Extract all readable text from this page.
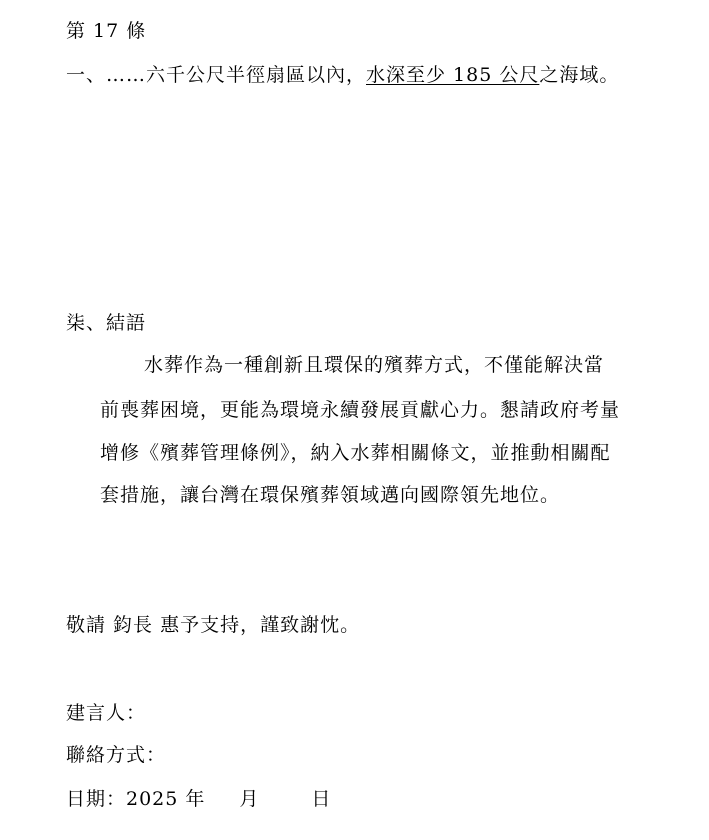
第 17 條
一、……六千公尺半徑扇區以內，水深至少 185 公尺之海域。
柒、結語
水葬作為一種創新且環保的殯葬方式，不僅能解決當
前喪葬困境，更能為環境永續發展貢獻心力。懇請政府考量
增修《殯葬管理條例》，納入水葬相關條文，並推動相關配
套措施，讓台灣在環保殯葬領域邁向國際領先地位。
敬請 鈞長 惠予支持，謹致謝忱。
建言人：
聯絡方式：
日期：2025 年 月	日
